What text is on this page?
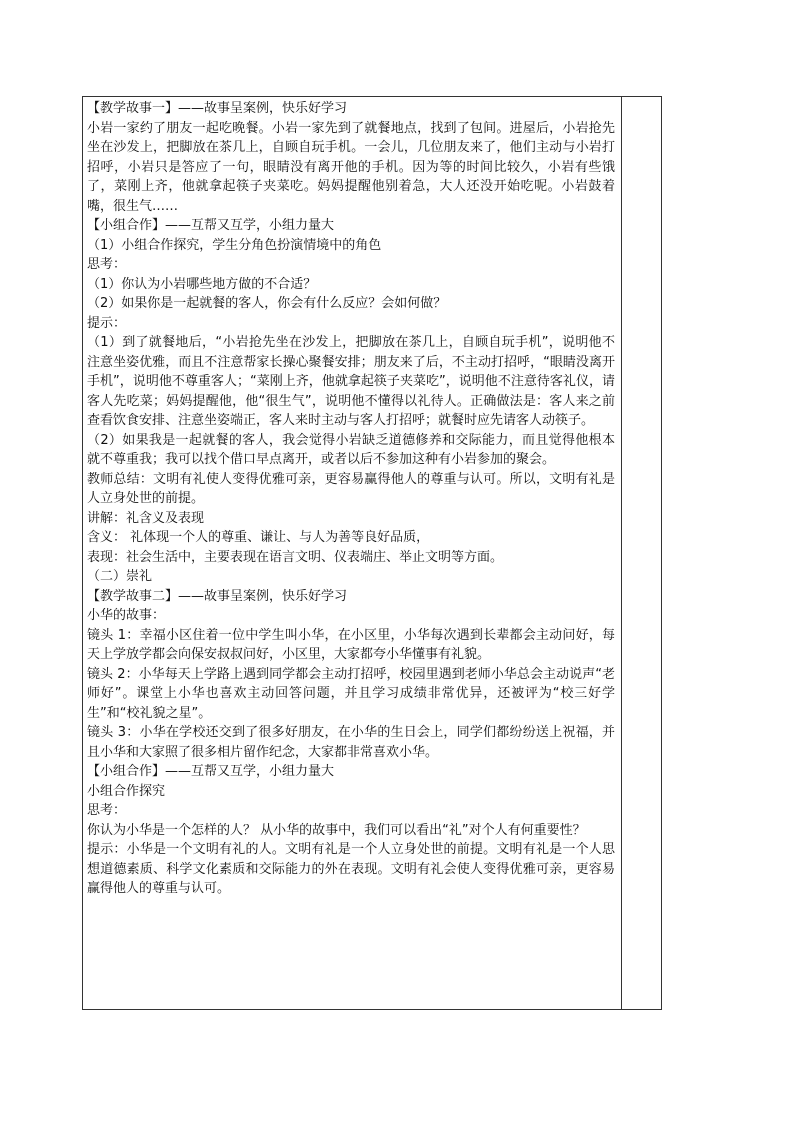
【教学故事一】——故事呈案例，快乐好学习

小岩一家约了朋友一起吃晚餐。小岩一家先到了就餐地点，找到了包间。进屋后，小岩抢先坐在沙发上，把脚放在茶几上，自顾自玩手机。一会儿，几位朋友来了，他们主动与小岩打招呼，小岩只是答应了一句，眼睛没有离开他的手机。因为等的时间比较久，小岩有些饿了，菜刚上齐，他就拿起筷子夹菜吃。妈妈提醒他别着急，大人还没开始吃呢。小岩鼓着嘴，很生气……

【小组合作】——互帮又互学，小组力量大

（1）小组合作探究，学生分角色扮演情境中的角色

思考：

（1）你认为小岩哪些地方做的不合适？

（2）如果你是一起就餐的客人，你会有什么反应？会如何做？

提示：

（1）到了就餐地后，“小岩抢先坐在沙发上，把脚放在茶几上，自顾自玩手机”，说明他不注意坐姿优雅，而且不注意帮家长操心聚餐安排；朋友来了后，不主动打招呼，“眼睛没离开手机”，说明他不尊重客人；“菜刚上齐，他就拿起筷子夹菜吃”，说明他不注意待客礼仪，请客人先吃菜；妈妈提醒他，他“很生气”，说明他不懂得以礼待人。正确做法是：客人来之前查看饮食安排、注意坐姿端正，客人来时主动与客人打招呼；就餐时应先请客人动筷子。

（2）如果我是一起就餐的客人，我会觉得小岩缺乏道德修养和交际能力，而且觉得他根本就不尊重我；我可以找个借口早点离开，或者以后不参加这种有小岩参加的聚会。

教师总结：文明有礼使人变得优雅可亲，更容易赢得他人的尊重与认可。所以，文明有礼是人立身处世的前提。

讲解：礼含义及表现

含义： 礼体现一个人的尊重、谦让、与人为善等良好品质，

表现：社会生活中，主要表现在语言文明、仪表端庄、举止文明等方面。

（二）崇礼

【教学故事二】——故事呈案例，快乐好学习

小华的故事：

镜头 1：幸福小区住着一位中学生叫小华，在小区里，小华每次遇到长辈都会主动问好，每天上学放学都会向保安叔叔问好，小区里，大家都夸小华懂事有礼貌。

镜头 2：小华每天上学路上遇到同学都会主动打招呼，校园里遇到老师小华总会主动说声“老师好”。课堂上小华也喜欢主动回答问题，并且学习成绩非常优异，还被评为“校三好学生”和“校礼貌之星”。

镜头 3：小华在学校还交到了很多好朋友，在小华的生日会上，同学们都纷纷送上祝福，并且小华和大家照了很多相片留作纪念，大家都非常喜欢小华。

【小组合作】——互帮又互学，小组力量大

小组合作探究

思考：

你认为小华是一个怎样的人？ 从小华的故事中，我们可以看出“礼”对个人有何重要性？

提示：小华是一个文明有礼的人。文明有礼是一个人立身处世的前提。文明有礼是一个人思想道德素质、科学文化素质和交际能力的外在表现。文明有礼会使人变得优雅可亲，更容易赢得他人的尊重与认可。
